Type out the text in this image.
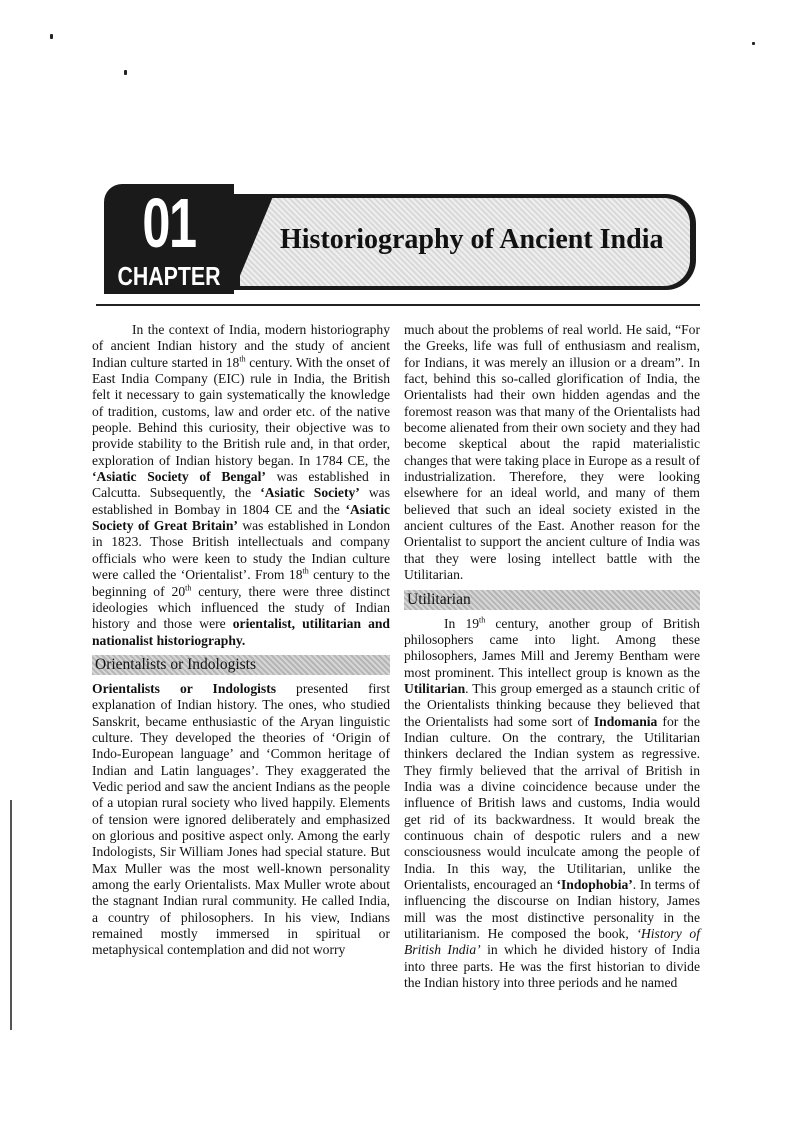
01
CHAPTER
Historiography of Ancient India

In the context of India, modern historiography of ancient Indian history and the study of ancient Indian culture started in 18th century. With the onset of East India Company (EIC) rule in India, the British felt it necessary to gain systematically the knowledge of tradition, customs, law and order etc. of the native people. Behind this curiosity, their objective was to provide stability to the British rule and, in that order, exploration of Indian history began. In 1784 CE, the ‘Asiatic Society of Bengal’ was established in Calcutta. Subsequently, the ‘Asiatic Society’ was established in Bombay in 1804 CE and the ‘Asiatic Society of Great Britain’ was established in London in 1823. Those British intellectuals and company officials who were keen to study the Indian culture were called the ‘Orientalist’. From 18th century to the beginning of 20th century, there were three distinct ideologies which influenced the study of Indian history and those were orientalist, utilitarian and nationalist historiography.

Orientalists or Indologists

Orientalists or Indologists presented first explanation of Indian history. The ones, who studied Sanskrit, became enthusiastic of the Aryan linguistic culture. They developed the theories of ‘Origin of Indo-European language’ and ‘Common heritage of Indian and Latin languages’. They exaggerated the Vedic period and saw the ancient Indians as the people of a utopian rural society who lived happily. Elements of tension were ignored deliberately and emphasized on glorious and positive aspect only. Among the early Indologists, Sir William Jones had special stature. But Max Muller was the most well-known personality among the early Orientalists. Max Muller wrote about the stagnant Indian rural community. He called India, a country of philosophers. In his view, Indians remained mostly immersed in spiritual or metaphysical contemplation and did not worry

much about the problems of real world. He said, “For the Greeks, life was full of enthusiasm and realism, for Indians, it was merely an illusion or a dream”. In fact, behind this so-called glorification of India, the Orientalists had their own hidden agendas and the foremost reason was that many of the Orientalists had become alienated from their own society and they had become skeptical about the rapid materialistic changes that were taking place in Europe as a result of industrialization. Therefore, they were looking elsewhere for an ideal world, and many of them believed that such an ideal society existed in the ancient cultures of the East. Another reason for the Orientalist to support the ancient culture of India was that they were losing intellect battle with the Utilitarian.

Utilitarian

In 19th century, another group of British philosophers came into light. Among these philosophers, James Mill and Jeremy Bentham were most prominent. This intellect group is known as the Utilitarian. This group emerged as a staunch critic of the Orientalists thinking because they believed that the Orientalists had some sort of Indomania for the Indian culture. On the contrary, the Utilitarian thinkers declared the Indian system as regressive. They firmly believed that the arrival of British in India was a divine coincidence because under the influence of British laws and customs, India would get rid of its backwardness. It would break the continuous chain of despotic rulers and a new consciousness would inculcate among the people of India. In this way, the Utilitarian, unlike the Orientalists, encouraged an ‘Indophobia’. In terms of influencing the discourse on Indian history, James mill was the most distinctive personality in the utilitarianism. He composed the book, ‘History of British India’ in which he divided history of India into three parts. He was the first historian to divide the Indian history into three periods and he named
